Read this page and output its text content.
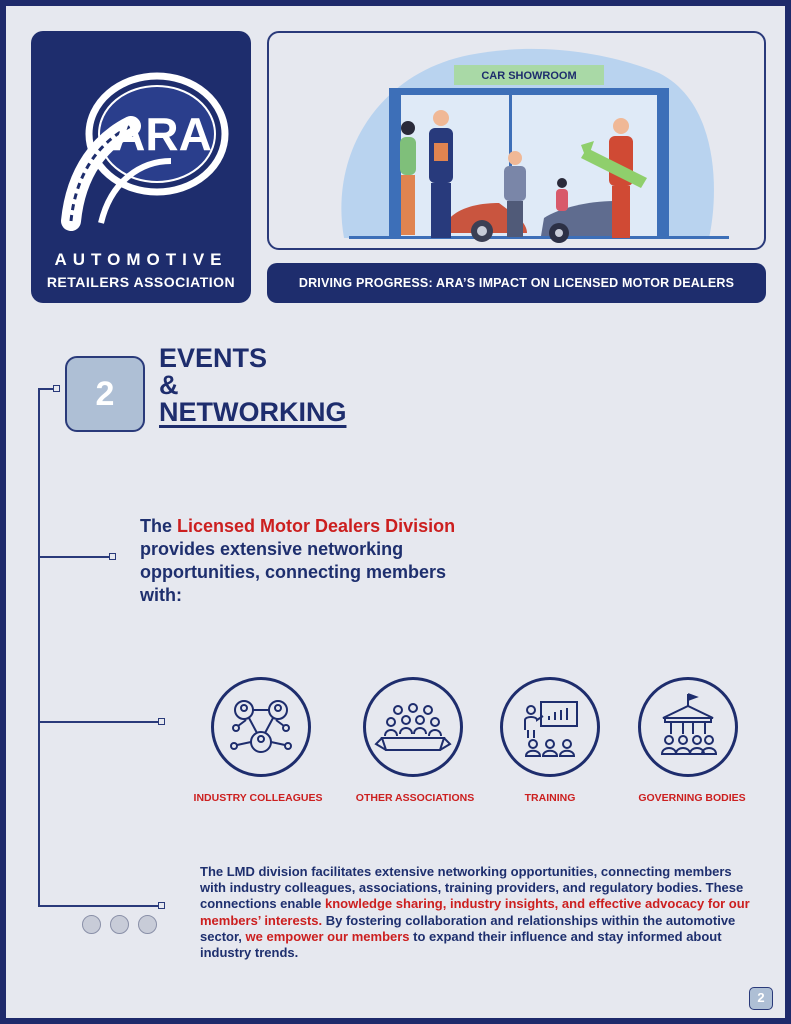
ARA
AUTOMOTIVE
RETAILERS ASSOCIATION
CAR SHOWROOM
DRIVING PROGRESS: ARA’S IMPACT ON LICENSED MOTOR DEALERS
2
EVENTS
&
NETWORKING
The Licensed Motor Dealers Division provides extensive networking opportunities, connecting members with:
INDUSTRY COLLEAGUES	OTHER ASSOCIATIONS	TRAINING	GOVERNING BODIES
The LMD division facilitates extensive networking opportunities, connecting members with industry colleagues, associations, training providers, and regulatory bodies. These connections enable knowledge sharing, industry insights, and effective advocacy for our members’ interests. By fostering collaboration and relationships within the automotive sector, we empower our members to expand their influence and stay informed about industry trends.
2
